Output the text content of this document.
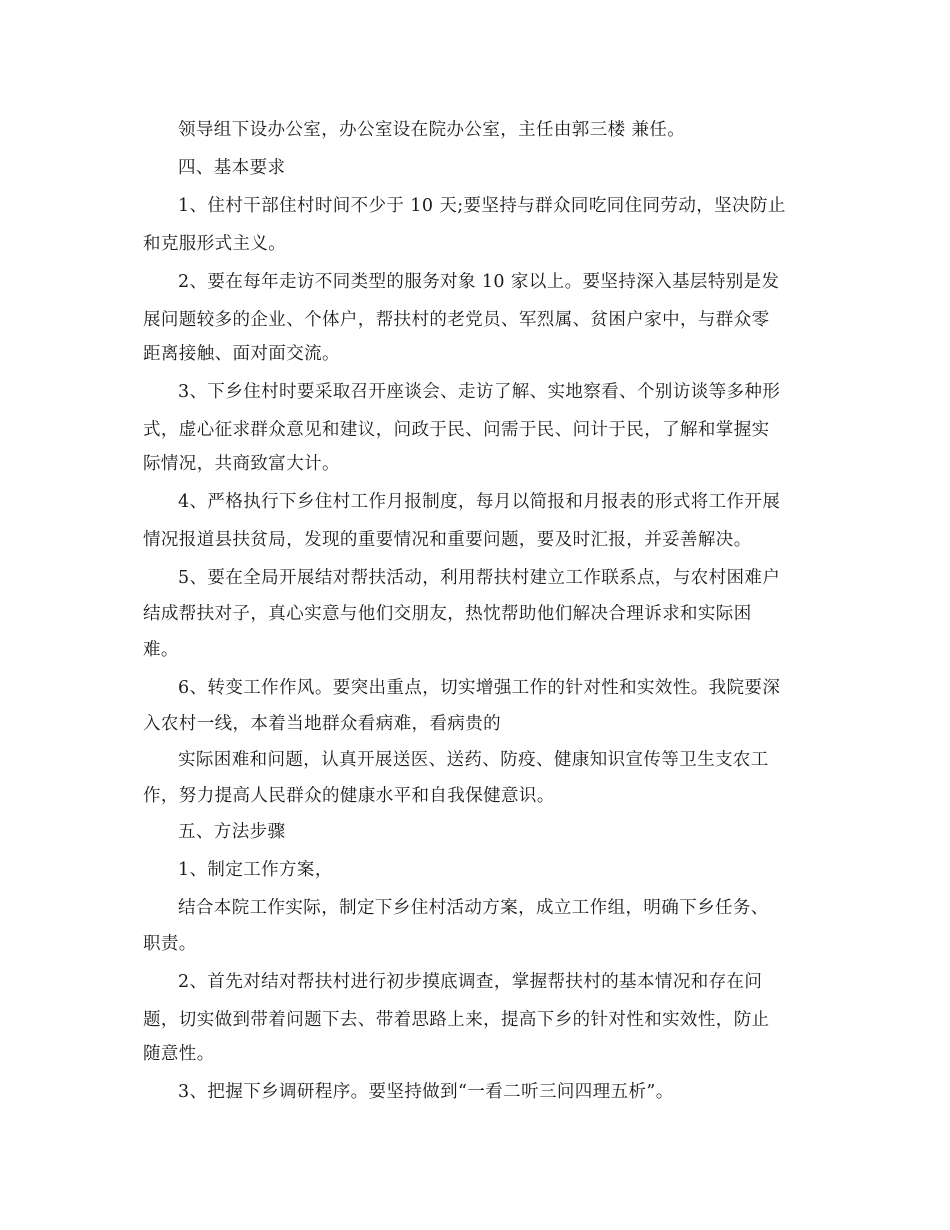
领导组下设办公室，办公室设在院办公室，主任由郭三楼 兼任。
四、基本要求
1、住村干部住村时间不少于 10 天;要坚持与群众同吃同住同劳动，坚决防止
和克服形式主义。
2、要在每年走访不同类型的服务对象 10 家以上。要坚持深入基层特别是发
展问题较多的企业、个体户，帮扶村的老党员、军烈属、贫困户家中，与群众零
距离接触、面对面交流。
3、下乡住村时要采取召开座谈会、走访了解、实地察看、个别访谈等多种形
式，虚心征求群众意见和建议，问政于民、问需于民、问计于民，了解和掌握实
际情况，共商致富大计。
4、严格执行下乡住村工作月报制度，每月以简报和月报表的形式将工作开展
情况报道县扶贫局，发现的重要情况和重要问题，要及时汇报，并妥善解决。
5、要在全局开展结对帮扶活动，利用帮扶村建立工作联系点，与农村困难户
结成帮扶对子，真心实意与他们交朋友，热忱帮助他们解决合理诉求和实际困
难。
6、转变工作作风。要突出重点，切实增强工作的针对性和实效性。我院要深
入农村一线，本着当地群众看病难，看病贵的
实际困难和问题，认真开展送医、送药、防疫、健康知识宣传等卫生支农工
作，努力提高人民群众的健康水平和自我保健意识。
五、方法步骤
1、制定工作方案，
结合本院工作实际，制定下乡住村活动方案，成立工作组，明确下乡任务、
职责。
2、首先对结对帮扶村进行初步摸底调查，掌握帮扶村的基本情况和存在问
题，切实做到带着问题下去、带着思路上来，提高下乡的针对性和实效性，防止
随意性。
3、把握下乡调研程序。要坚持做到“一看二听三问四理五析”。
